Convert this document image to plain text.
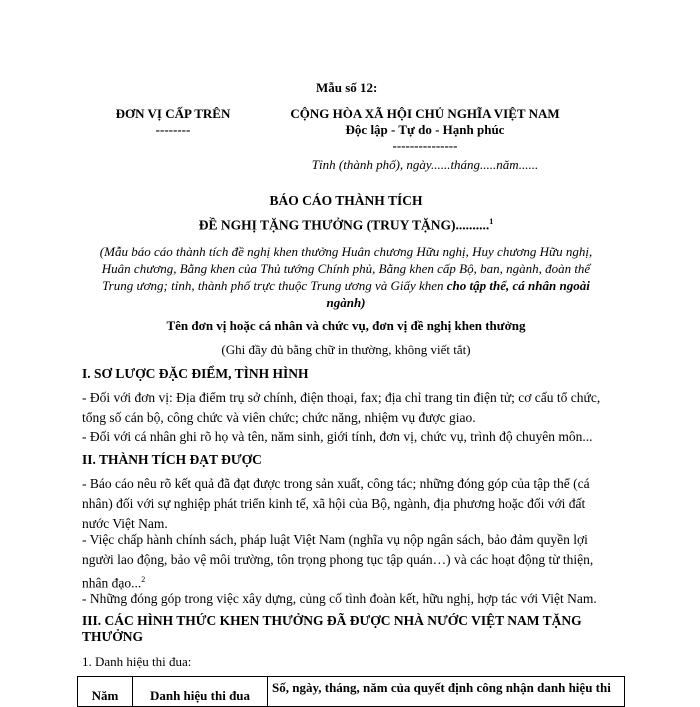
Mẫu số 12:
ĐƠN VỊ CẤP TRÊN
--------
CỘNG HÒA XÃ HỘI CHỦ NGHĨA VIỆT NAM
Độc lập - Tự do - Hạnh phúc
---------------
Tỉnh (thành phố), ngày......tháng.....năm......
BÁO CÁO THÀNH TÍCH
ĐỀ NGHỊ TẶNG THƯỞNG (TRUY TẶNG)..........$^1$
(Mẫu báo cáo thành tích đề nghị khen thưởng Huân chương Hữu nghị, Huy chương Hữu nghị,
Huân chương, Bằng khen của Thủ tướng Chính phủ, Bằng khen cấp Bộ, ban, ngành, đoàn thể
Trung ương; tỉnh, thành phố trực thuộc Trung ương và Giấy khen cho tập thể, cá nhân ngoài
ngành)
Tên đơn vị hoặc cá nhân và chức vụ, đơn vị đề nghị khen thưởng
(Ghi đầy đủ bằng chữ in thường, không viết tắt)
I. SƠ LƯỢC ĐẶC ĐIỂM, TÌNH HÌNH
- Đối với đơn vị: Địa điểm trụ sở chính, điện thoại, fax; địa chỉ trang tin điện tử; cơ cấu tổ chức, tổng số cán bộ, công chức và viên chức; chức năng, nhiệm vụ được giao.
- Đối với cá nhân ghi rõ họ và tên, năm sinh, giới tính, đơn vị, chức vụ, trình độ chuyên môn...
II. THÀNH TÍCH ĐẠT ĐƯỢC
- Báo cáo nêu rõ kết quả đã đạt được trong sản xuất, công tác; những đóng góp của tập thể (cá nhân) đối với sự nghiệp phát triển kinh tế, xã hội của Bộ, ngành, địa phương hoặc đối với đất nước Việt Nam.
- Việc chấp hành chính sách, pháp luật Việt Nam (nghĩa vụ nộp ngân sách, bảo đảm quyền lợi người lao động, bảo vệ môi trường, tôn trọng phong tục tập quán…) và các hoạt động từ thiện, nhân đạo...$^2$
- Những đóng góp trong việc xây dựng, củng cố tình đoàn kết, hữu nghị, hợp tác với Việt Nam.
III. CÁC HÌNH THỨC KHEN THƯỞNG ĐÃ ĐƯỢC NHÀ NƯỚC VIỆT NAM TẶNG
THƯỞNG
1. Danh hiệu thi đua:
Năm	Danh hiệu thi đua	Số, ngày, tháng, năm của quyết định công nhận danh hiệu thi
